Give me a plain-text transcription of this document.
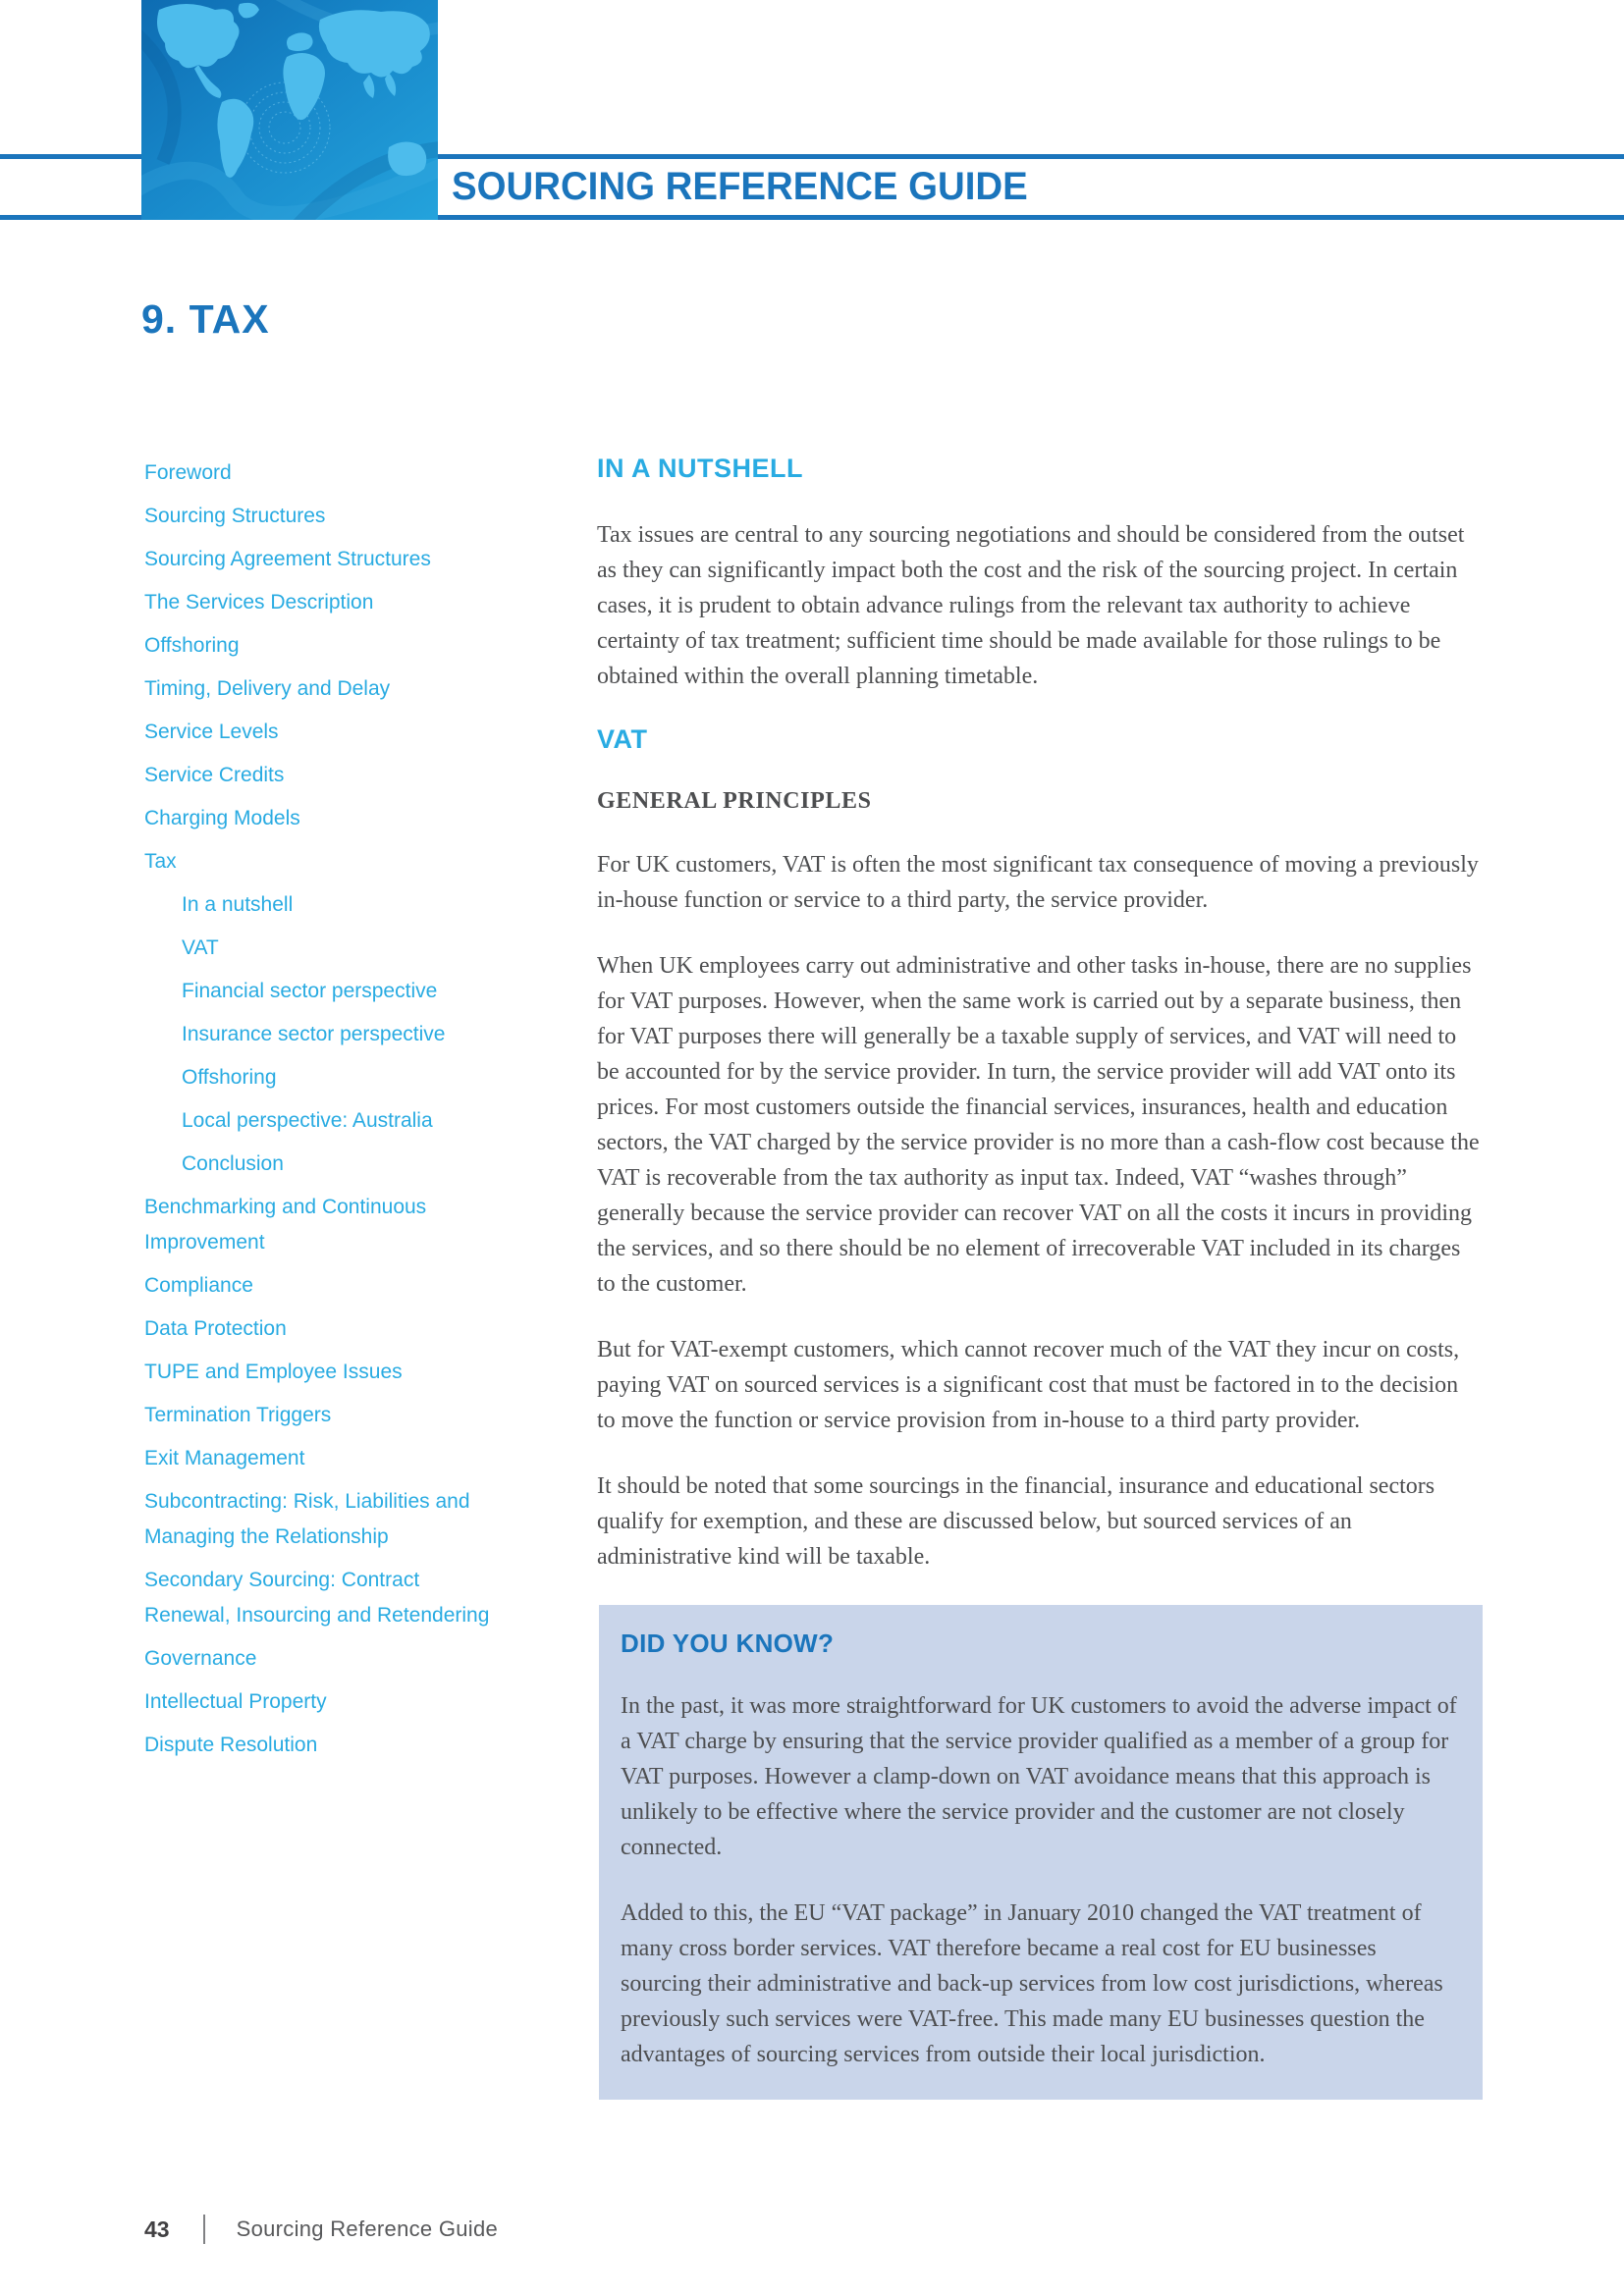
SOURCING REFERENCE GUIDE
9. TAX
Foreword
Sourcing Structures
Sourcing Agreement Structures
The Services Description
Offshoring
Timing, Delivery and Delay
Service Levels
Service Credits
Charging Models
Tax
In a nutshell
VAT
Financial sector perspective
Insurance sector perspective
Offshoring
Local perspective: Australia
Conclusion
Benchmarking and Continuous Improvement
Compliance
Data Protection
TUPE and Employee Issues
Termination Triggers
Exit Management
Subcontracting: Risk, Liabilities and Managing the Relationship
Secondary Sourcing: Contract Renewal, Insourcing and Retendering
Governance
Intellectual Property
Dispute Resolution
IN A NUTSHELL

Tax issues are central to any sourcing negotiations and should be considered from the outset as they can significantly impact both the cost and the risk of the sourcing project. In certain cases, it is prudent to obtain advance rulings from the relevant tax authority to achieve certainty of tax treatment; sufficient time should be made available for those rulings to be obtained within the overall planning timetable.

VAT
GENERAL PRINCIPLES

For UK customers, VAT is often the most significant tax consequence of moving a previously in-house function or service to a third party, the service provider.

When UK employees carry out administrative and other tasks in-house, there are no supplies for VAT purposes. However, when the same work is carried out by a separate business, then for VAT purposes there will generally be a taxable supply of services, and VAT will need to be accounted for by the service provider. In turn, the service provider will add VAT onto its prices. For most customers outside the financial services, insurances, health and education sectors, the VAT charged by the service provider is no more than a cash-flow cost because the VAT is recoverable from the tax authority as input tax. Indeed, VAT “washes through” generally because the service provider can recover VAT on all the costs it incurs in providing the services, and so there should be no element of irrecoverable VAT included in its charges to the customer.

But for VAT-exempt customers, which cannot recover much of the VAT they incur on costs, paying VAT on sourced services is a significant cost that must be factored in to the decision to move the function or service provision from in-house to a third party provider.

It should be noted that some sourcings in the financial, insurance and educational sectors qualify for exemption, and these are discussed below, but sourced services of an administrative kind will be taxable.

DID YOU KNOW?

In the past, it was more straightforward for UK customers to avoid the adverse impact of a VAT charge by ensuring that the service provider qualified as a member of a group for VAT purposes. However a clamp-down on VAT avoidance means that this approach is unlikely to be effective where the service provider and the customer are not closely connected.

Added to this, the EU “VAT package” in January 2010 changed the VAT treatment of many cross border services. VAT therefore became a real cost for EU businesses sourcing their administrative and back-up services from low cost jurisdictions, whereas previously such services were VAT-free. This made many EU businesses question the advantages of sourcing services from outside their local jurisdiction.

43	Sourcing Reference Guide
